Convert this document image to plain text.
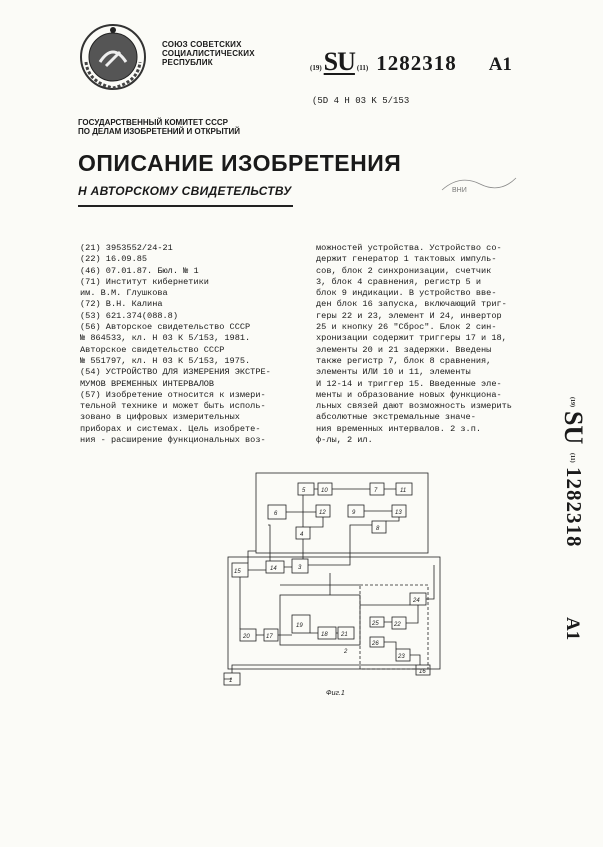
СОЮЗ СОВЕТСКИХ
СОЦИАЛИСТИЧЕСКИХ
РЕСПУБЛИК
(19) SU (11) 1282318 A1
(5D 4 H 03 K 5/153
ГОСУДАРСТВЕННЫЙ КОМИТЕТ СССР
ПО ДЕЛАМ ИЗОБРЕТЕНИЙ И ОТКРЫТИЙ
ОПИСАНИЕ ИЗОБРЕТЕНИЯ
Н АВТОРСКОМУ СВИДЕТЕЛЬСТВУ	ВНИ
(21) 3953552/24-21
(22) 16.09.85
(46) 07.01.87. Бюл. № 1
(71) Институт кибернетики
им. В.М. Глушкова
(72) В.Н. Калина
(53) 621.374(088.8)
(56) Авторское свидетельство СССР
№ 864533, кл. Н 03 К 5/153, 1981.
Авторское свидетельство СССР
№ 551797, кл. Н 03 К 5/153, 1975.
(54) УСТРОЙСТВО ДЛЯ ИЗМЕРЕНИЯ ЭКСТРЕ-
МУМОВ ВРЕМЕННЫХ ИНТЕРВАЛОВ
(57) Изобретение относится к измери-
тельной технике и может быть исполь-
зовано в цифровых измерительных
приборах и системах. Цель изобрете-
ния - расширение функциональных воз-
можностей устройства. Устройство со-
держит генератор 1 тактовых импуль-
сов, блок 2 синхронизации, счетчик
3, блок 4 сравнения, регистр 5 и
блок 9 индикации. В устройство вве-
ден блок 16 запуска, включающий триг-
геры 22 и 23, элемент И 24, инвертор
25 и кнопку 26 "Сброс". Блок 2 син-
хронизации содержит триггеры 17 и 18,
элементы 20 и 21 задержки. Введены
также регистр 7, блок 8 сравнения,
элементы ИЛИ 10 и 11, элементы
И 12-14 и триггер 15. Введенные эле-
менты и образование новых функциона-
льных связей дают возможность измерить
абсолютные экстремальные значе-
ния временных интервалов. 2 з.п.
ф-лы, 2 ил.
(19)
SU
(11)
1282318
A1
5	10
6	12
4
7	11
9	13
8
15	14	3
20	17
19
18 21
25	22
24
26
23
16
1
2
Фиг.1
